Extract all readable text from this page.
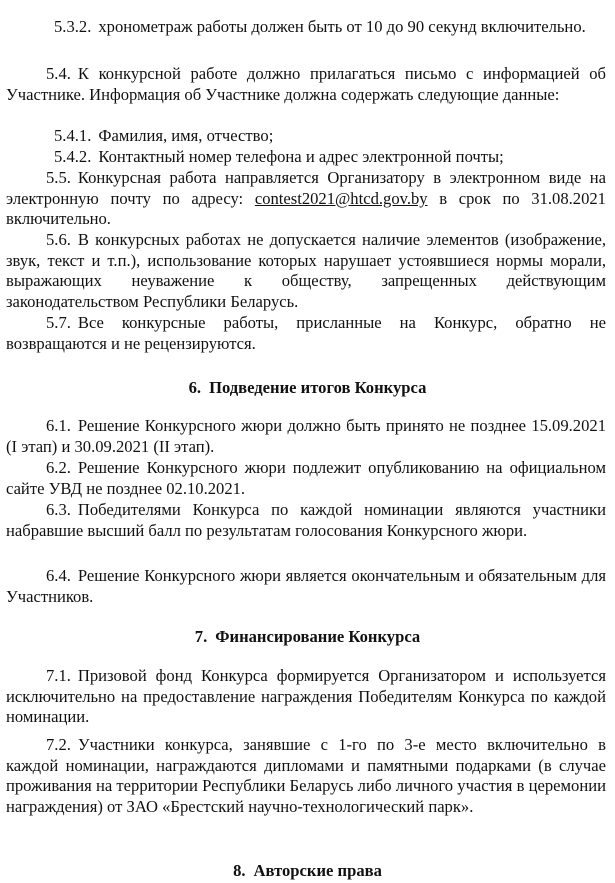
5.3.2. хронометраж работы должен быть от 10 до 90 секунд включительно.

5.4. К конкурсной работе должно прилагаться письмо с информацией об Участнике. Информация об Участнике должна содержать следующие данные:

5.4.1. Фамилия, имя, отчество;

5.4.2. Контактный номер телефона и адрес электронной почты;

5.5. Конкурсная работа направляется Организатору в электронном виде на электронную почту по адресу: contest2021@htcd.gov.by в срок по 31.08.2021 включительно.

5.6. В конкурсных работах не допускается наличие элементов (изображение, звук, текст и т.п.), использование которых нарушает устоявшиеся нормы морали, выражающих неуважение к обществу, запрещенных действующим законодательством Республики Беларусь.

5.7. Все конкурсные работы, присланные на Конкурс, обратно не возвращаются и не рецензируются.

6. Подведение итогов Конкурса

6.1. Решение Конкурсного жюри должно быть принято не позднее 15.09.2021 (I этап) и 30.09.2021 (II этап).

6.2. Решение Конкурсного жюри подлежит опубликованию на официальном сайте УВД не позднее 02.10.2021.

6.3. Победителями Конкурса по каждой номинации являются участники набравшие высший балл по результатам голосования Конкурсного жюри.

6.4. Решение Конкурсного жюри является окончательным и обязательным для Участников.

7. Финансирование Конкурса

7.1. Призовой фонд Конкурса формируется Организатором и используется исключительно на предоставление награждения Победителям Конкурса по каждой номинации.

7.2. Участники конкурса, занявшие с 1-го по 3-е место включительно в каждой номинации, награждаются дипломами и памятными подарками (в случае проживания на территории Республики Беларусь либо личного участия в церемонии награждения) от ЗАО «Брестский научно-технологический парк».

8. Авторские права
